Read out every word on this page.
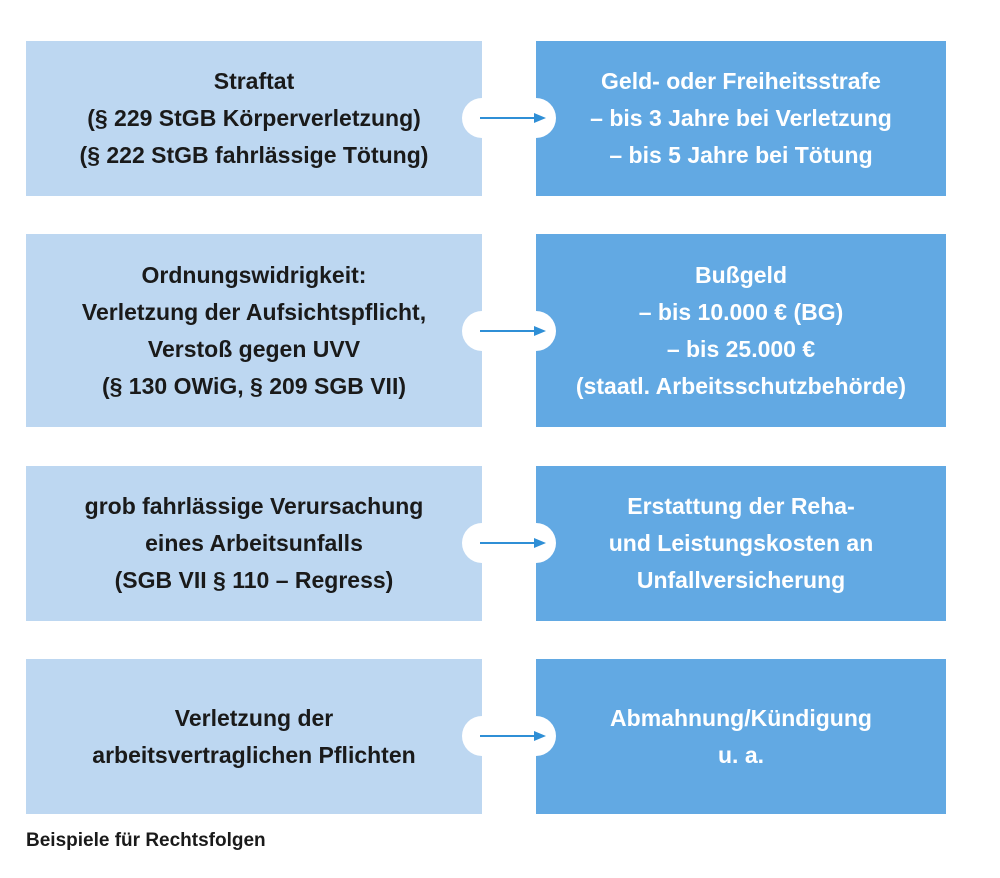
Straftat
(§ 229 StGB Körperverletzung)
(§ 222 StGB fahrlässige Tötung)
Geld- oder Freiheitsstrafe
– bis 3 Jahre bei Verletzung
– bis 5 Jahre bei Tötung
Ordnungswidrigkeit:
Verletzung der Aufsichtspflicht,
Verstoß gegen UVV
(§ 130 OWiG, § 209 SGB VII)
Bußgeld
– bis 10.000 € (BG)
– bis 25.000 €
(staatl. Arbeitsschutzbehörde)
grob fahrlässige Verursachung
eines Arbeitsunfalls
(SGB VII § 110 – Regress)
Erstattung der Reha-
und Leistungskosten an
Unfallversicherung
Verletzung der
arbeitsvertraglichen Pflichten
Abmahnung/Kündigung
u. a.
Beispiele für Rechtsfolgen
